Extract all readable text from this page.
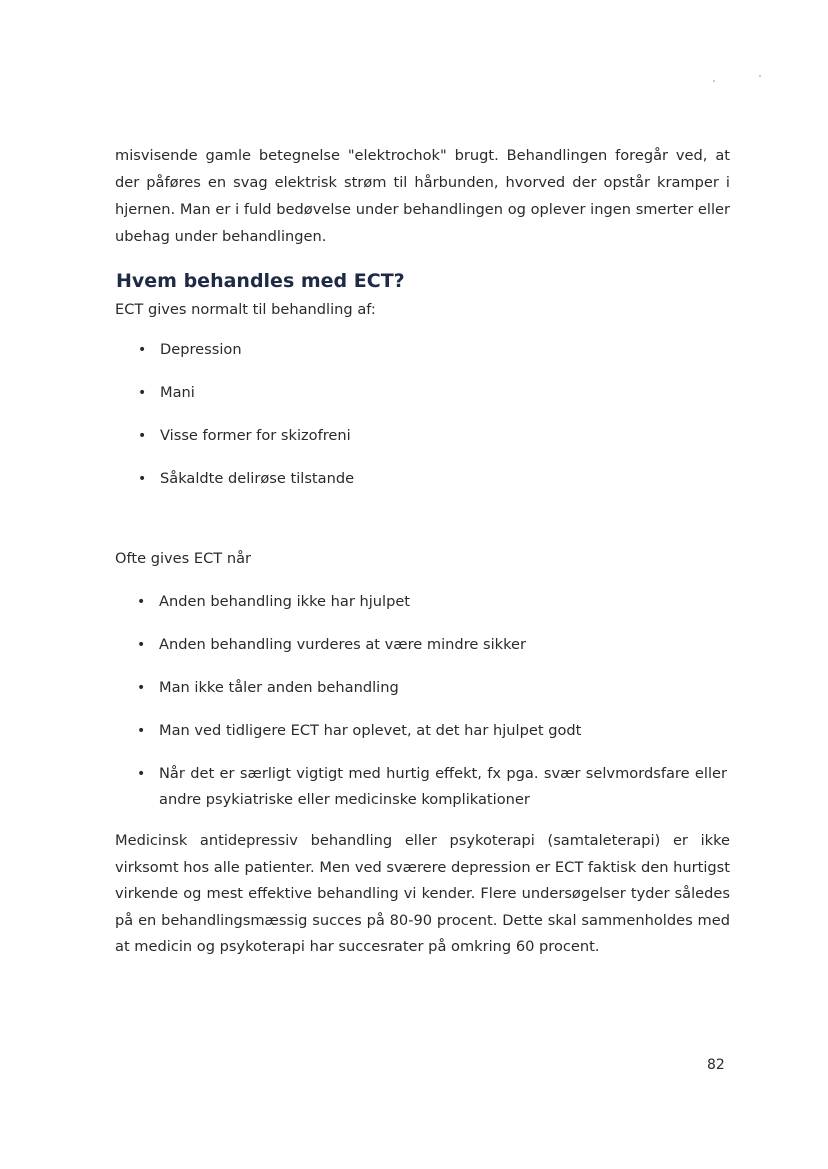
misvisende gamle betegnelse "elektrochok" brugt. Behandlingen foregår ved, at der påføres en svag elektrisk strøm til hårbunden, hvorved der opstår kramper i hjernen. Man er i fuld bedøvelse under behandlingen og oplever ingen smerter eller ubehag under behandlingen.

Hvem behandles med ECT?

ECT gives normalt til behandling af:

• Depression
• Mani
• Visse former for skizofreni
• Såkaldte delirøse tilstande

Ofte gives ECT når

• Anden behandling ikke har hjulpet
• Anden behandling vurderes at være mindre sikker
• Man ikke tåler anden behandling
• Man ved tidligere ECT har oplevet, at det har hjulpet godt
• Når det er særligt vigtigt med hurtig effekt, fx pga. svær selvmordsfare eller andre psykiatriske eller medicinske komplikationer

Medicinsk antidepressiv behandling eller psykoterapi (samtaleterapi) er ikke virksomt hos alle patienter. Men ved sværere depression er ECT faktisk den hurtigst virkende og mest effektive behandling vi kender. Flere undersøgelser tyder således på en behandlingsmæssig succes på 80-90 procent. Dette skal sammenholdes med at medicin og psykoterapi har succesrater på omkring 60 procent.

82
